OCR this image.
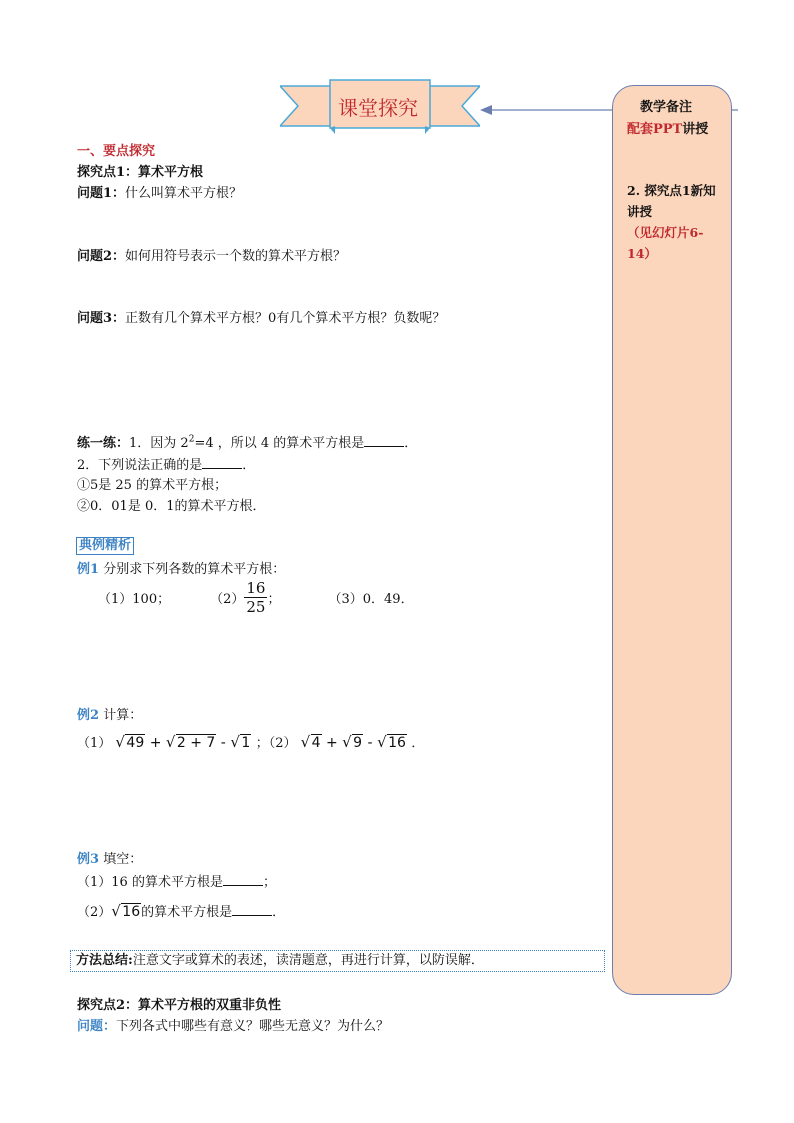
课堂探究	教学备注
配套PPT讲授
2. 探究点1新知讲授
（见幻灯片6-14）
一、要点探究
探究点1：算术平方根
问题1：什么叫算术平方根？
问题2：如何用符号表示一个数的算术平方根？
问题3：正数有几个算术平方根？0有几个算术平方根？负数呢？
练一练：1．因为 $2^2=4$ ，所以 4 的算术平方根是	．
2．下列说法正确的是	．
①5是 25 的算术平方根；
②0．01是 0．1的算术平方根．
典例精析
例1 分别求下列各数的算术平方根：
（1）100；	$(2) \frac{16}{25}$ ；	（3）0．49．
例2 计算：
（1） √ 49 + √ 2 + 7 - √ 1 ；（2） √ 4 + √ 9 - √ 16 ．
例3 填空：
（1）16 的算术平方根是	；
（2） √ 16的算术平方根是	．
方法总结:注意文字或算术的表述，读清题意，再进行计算，以防误解．
探究点2：算术平方根的双重非负性
问题：下列各式中哪些有意义？哪些无意义？为什么？
